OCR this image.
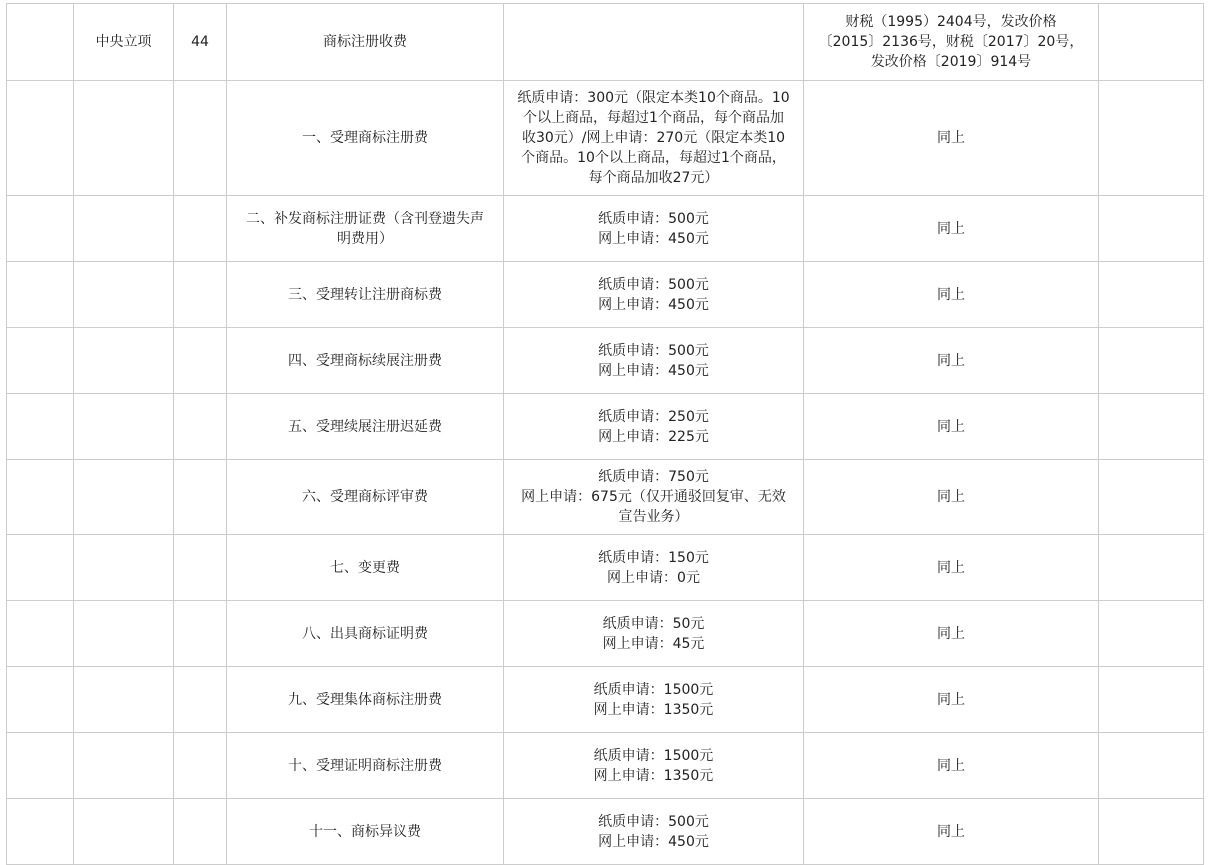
	中央立项	44	商标注册收费		财税（1995）2404号，发改价格
〔2015〕2136号，财税〔2017〕20号，
发改价格〔2019〕914号	
			一、受理商标注册费	纸质申请：300元（限定本类10个商品。10
个以上商品，每超过1个商品，每个商品加
收30元）/网上申请：270元（限定本类10
个商品。10个以上商品，每超过1个商品，
每个商品加收27元）	同上	
			二、补发商标注册证费（含刊登遗失声
明费用）	纸质申请：500元
网上申请：450元	同上	
			三、受理转让注册商标费	纸质申请：500元
网上申请：450元	同上	
			四、受理商标续展注册费	纸质申请：500元
网上申请：450元	同上	
			五、受理续展注册迟延费	纸质申请：250元
网上申请：225元	同上	
			六、受理商标评审费	纸质申请：750元
网上申请：675元（仅开通驳回复审、无效
宣告业务）	同上	
			七、变更费	纸质申请：150元
网上申请：0元	同上	
			八、出具商标证明费	纸质申请：50元
网上申请：45元	同上	
			九、受理集体商标注册费	纸质申请：1500元
网上申请：1350元	同上	
			十、受理证明商标注册费	纸质申请：1500元
网上申请：1350元	同上	
			十一、商标异议费	纸质申请：500元
网上申请：450元	同上	
